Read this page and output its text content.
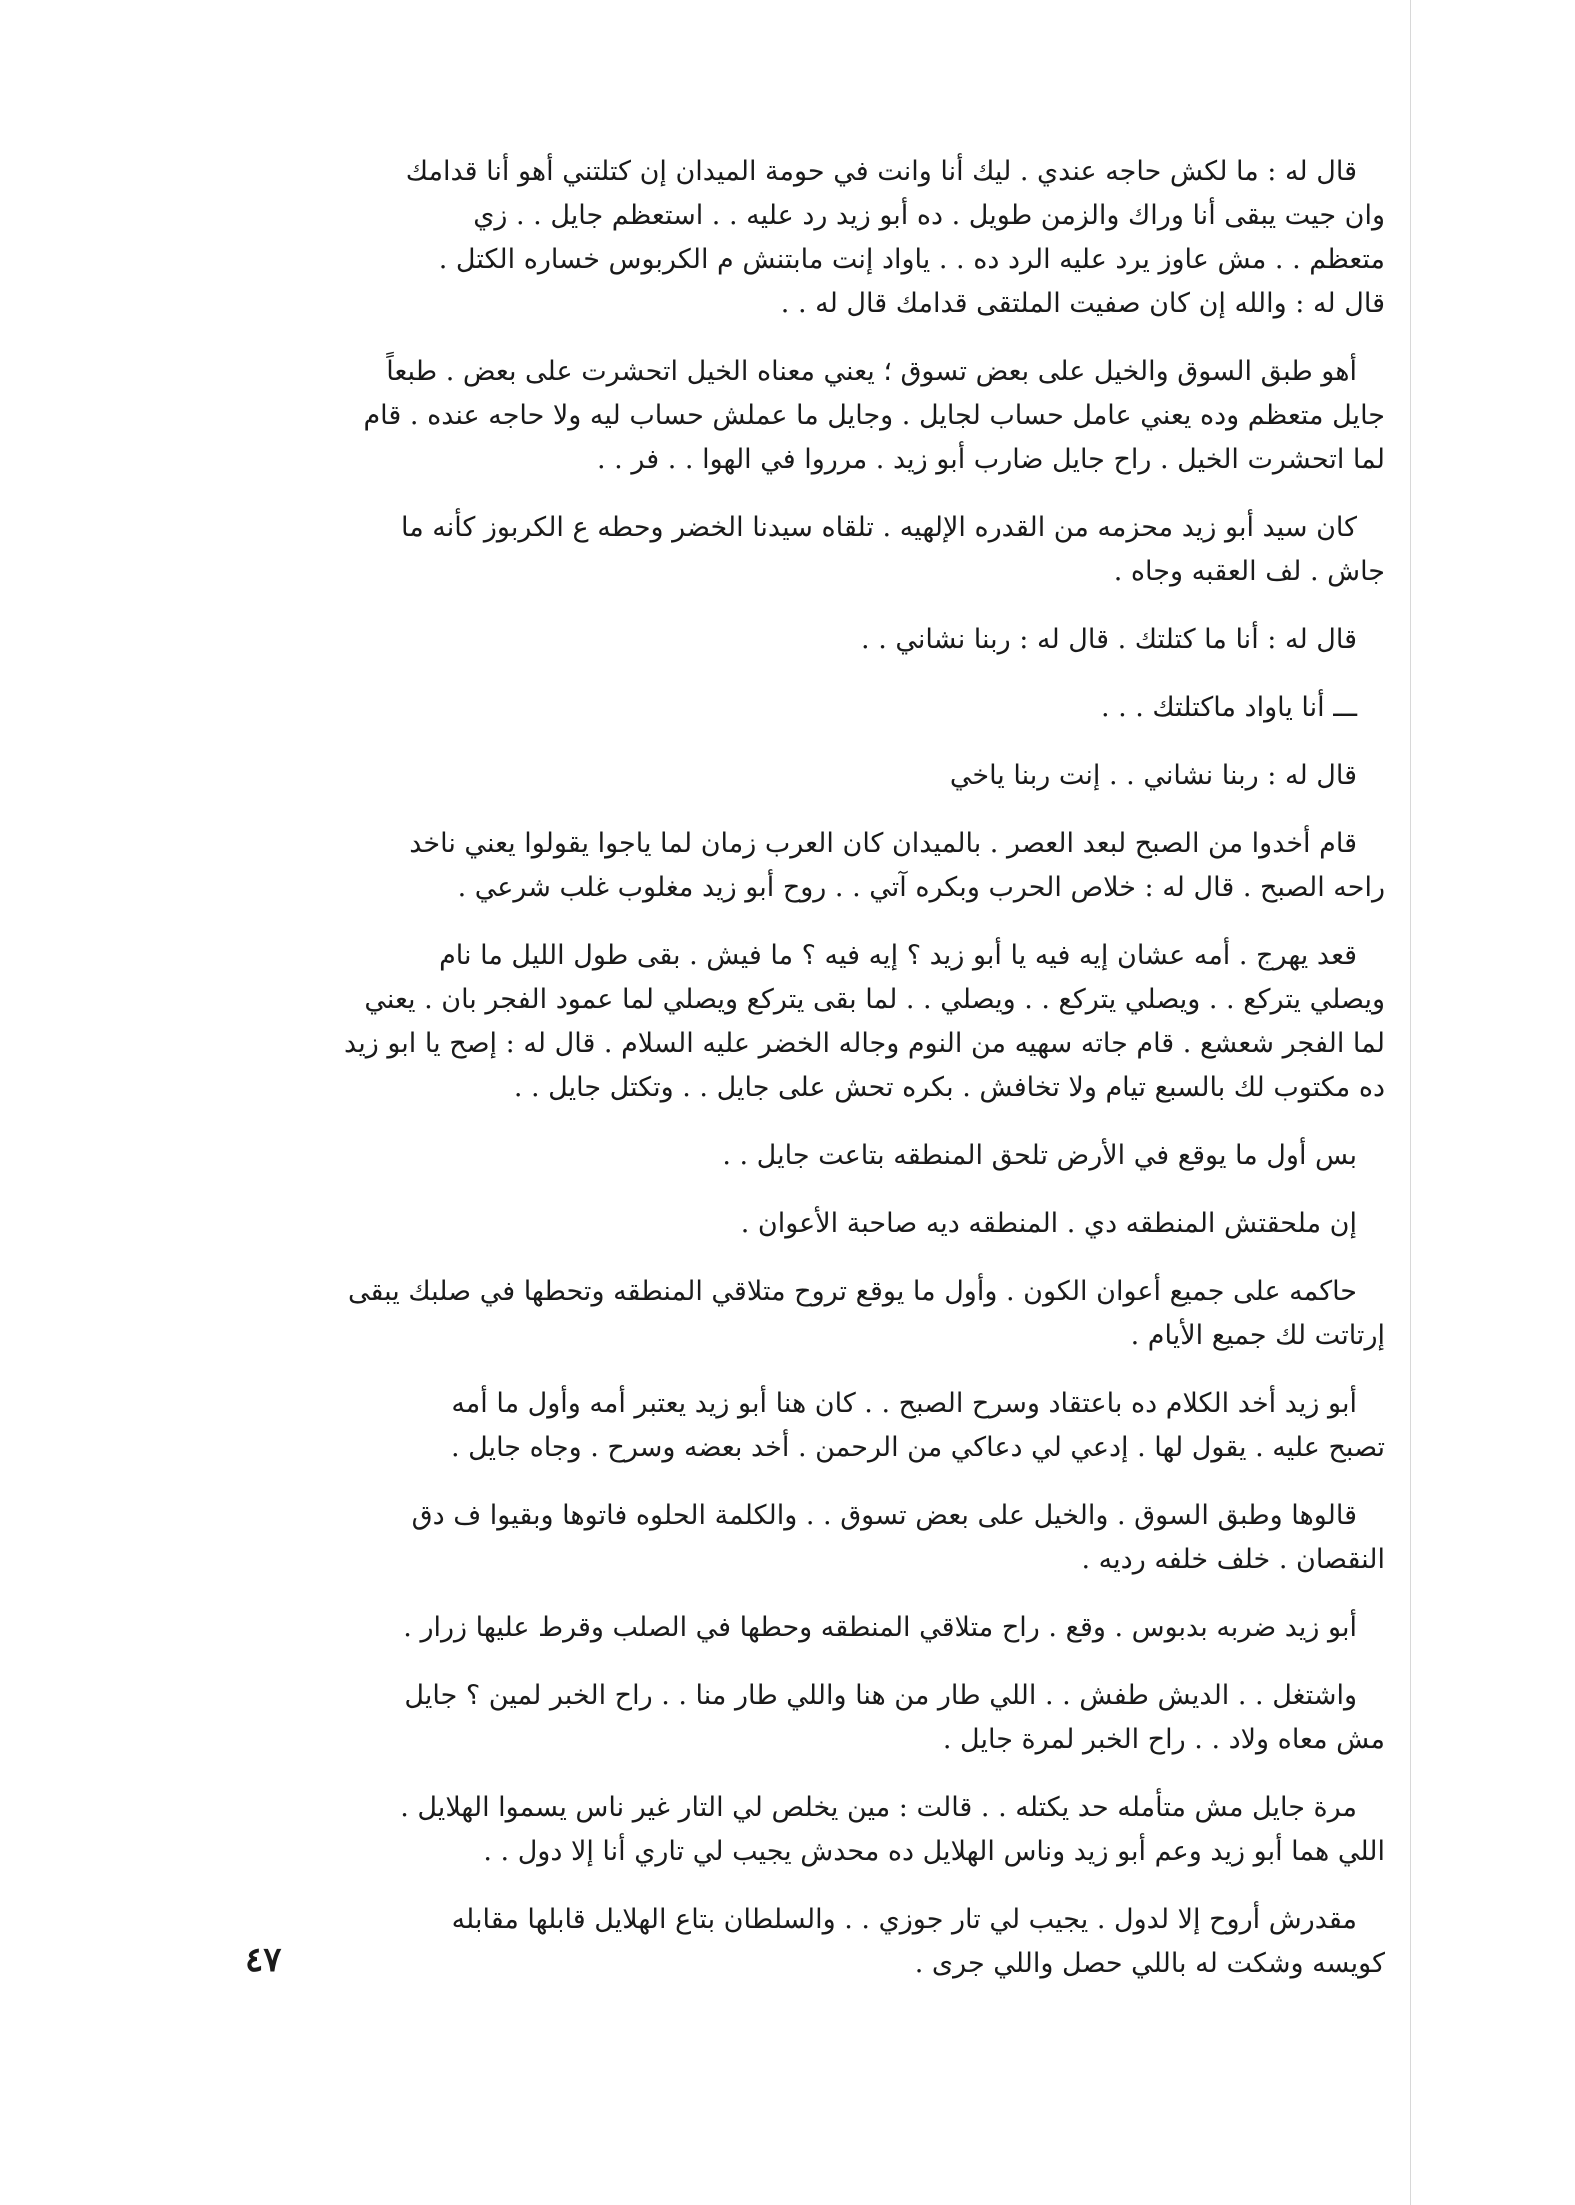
قال له : ما لكش حاجه عندي . ليك أنا وانت في حومة الميدان إن كتلتني أهو أنا قدامك
وان جيت يبقى أنا وراك والزمن طويل . ده أبو زيد رد عليه . . استعظم جايل . . زي
متعظم . . مش عاوز يرد عليه الرد ده . . ياواد إنت مابتنش م الكربوس خساره الكتل .
قال له : والله إن كان صفيت الملتقى قدامك قال له . .
أهو طبق السوق والخيل على بعض تسوق ؛ يعني معناه الخيل اتحشرت على بعض . طبعاً
جايل متعظم وده يعني عامل حساب لجايل . وجايل ما عملش حساب ليه ولا حاجه عنده . قام
لما اتحشرت الخيل . راح جايل ضارب أبو زيد . مرروا في الهوا . . فر . .
كان سيد أبو زيد محزمه من القدره الإلهيه . تلقاه سيدنا الخضر وحطه ع الكربوز كأنه ما
جاش . لف العقبه وجاه .
قال له : أنا ما كتلتك . قال له : ربنا نشاني . .
ـــ أنا ياواد ماكتلتك . . .
قال له : ربنا نشاني . . إنت ربنا ياخي
قام أخدوا من الصبح لبعد العصر . بالميدان كان العرب زمان لما ياجوا يقولوا يعني ناخد
راحه الصبح . قال له : خلاص الحرب وبكره آتي . . روح أبو زيد مغلوب غلب شرعي .
قعد يهرج . أمه عشان إيه فيه يا أبو زيد ؟ إيه فيه ؟ ما فيش . بقى طول الليل ما نام
ويصلي يتركع . . ويصلي يتركع . . ويصلي . . لما بقى يتركع ويصلي لما عمود الفجر بان . يعني
لما الفجر شعشع . قام جاته سهيه من النوم وجاله الخضر عليه السلام . قال له : إصح يا ابو زيد
ده مكتوب لك بالسبع تيام ولا تخافش . بكره تحش على جايل . . وتكتل جايل . .
بس أول ما يوقع في الأرض تلحق المنطقه بتاعت جايل . .
إن ملحقتش المنطقه دي . المنطقه ديه صاحبة الأعوان .
حاكمه على جميع أعوان الكون . وأول ما يوقع تروح متلاقي المنطقه وتحطها في صلبك يبقى
إرتاتت لك جميع الأيام .
أبو زيد أخد الكلام ده باعتقاد وسرح الصبح . . كان هنا أبو زيد يعتبر أمه وأول ما أمه
تصبح عليه . يقول لها . إدعي لي دعاكي من الرحمن . أخد بعضه وسرح . وجاه جايل .
قالوها وطبق السوق . والخيل على بعض تسوق . . والكلمة الحلوه فاتوها وبقيوا ف دق
النقصان . خلف خلفه رديه .
أبو زيد ضربه بدبوس . وقع . راح متلاقي المنطقه وحطها في الصلب وقرط عليها زرار .
واشتغل . . الديش طفش . . اللي طار من هنا واللي طار منا . . راح الخبر لمين ؟ جايل
مش معاه ولاد . . راح الخبر لمرة جايل .
مرة جايل مش متأمله حد يكتله . . قالت : مين يخلص لي التار غير ناس يسموا الهلايل .
اللي هما أبو زيد وعم أبو زيد وناس الهلايل ده محدش يجيب لي تاري أنا إلا دول . .
مقدرش أروح إلا لدول . يجيب لي تار جوزي . . والسلطان بتاع الهلايل قابلها مقابله
كويسه وشكت له باللي حصل واللي جرى .
٤٧
